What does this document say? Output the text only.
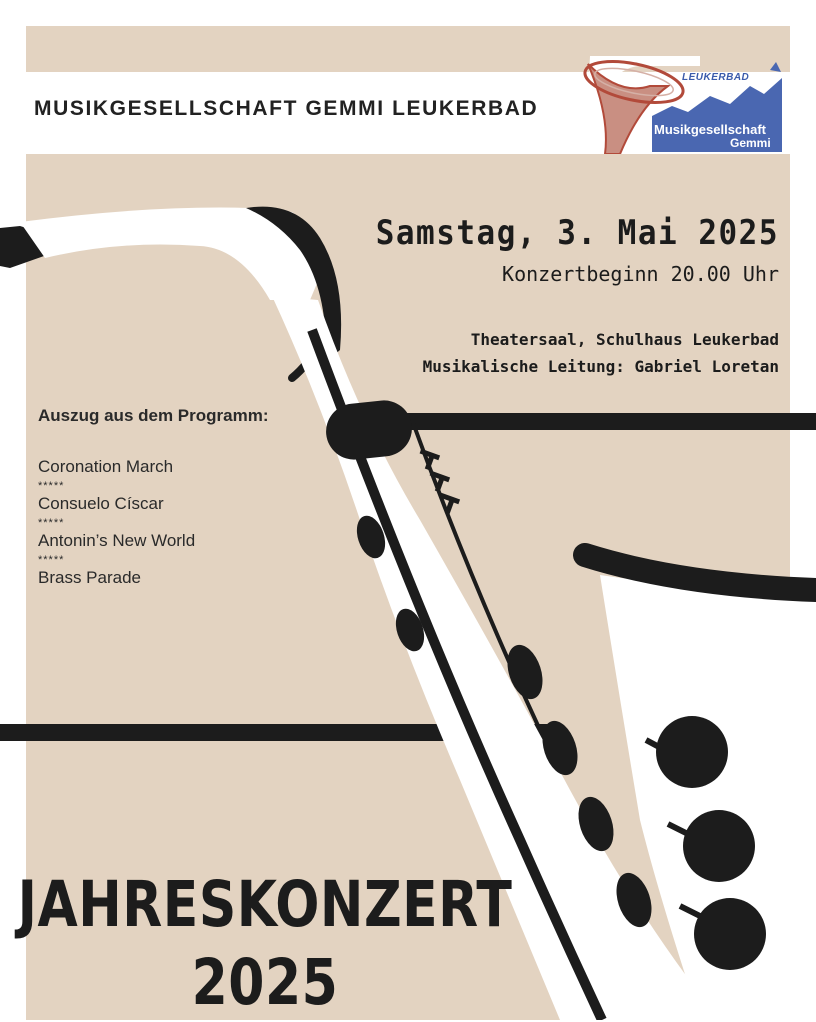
MUSIKGESELLSCHAFT GEMMI LEUKERBAD
LEUKERBAD
Musikgesellschaft
Gemmi
Samstag, 3. Mai 2025
Konzertbeginn 20.00 Uhr
Theatersaal, Schulhaus Leukerbad
Musikalische Leitung: Gabriel Loretan
Auszug aus dem Programm:
Coronation March
*****
Consuelo Císcar
*****
Antonin’s New World
*****
Brass Parade
JAHRESKONZERT
2025
